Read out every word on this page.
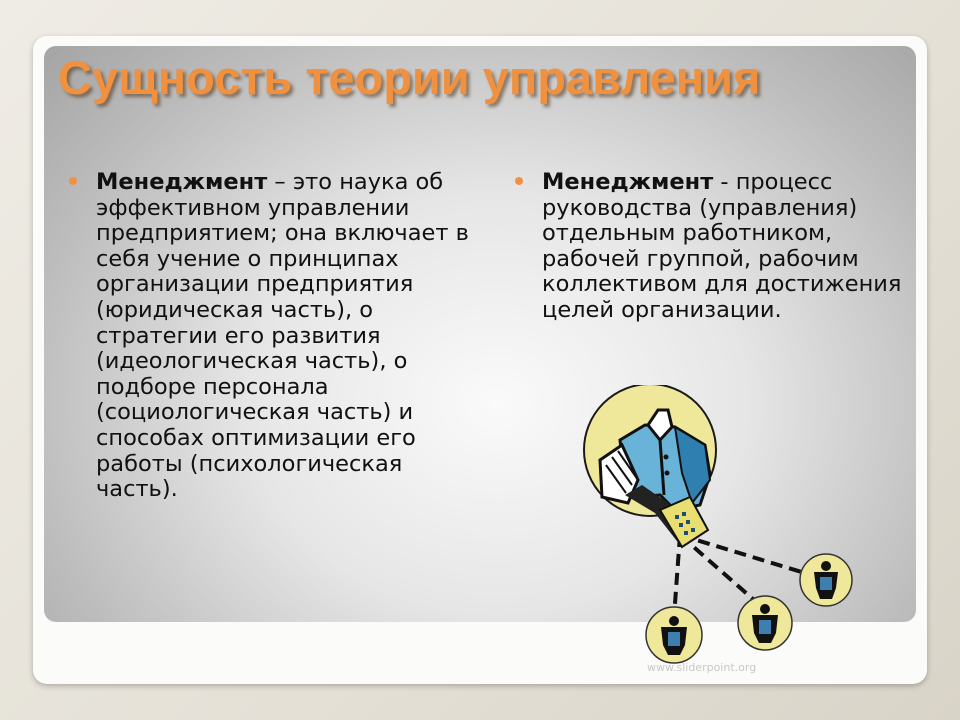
Сущность теории управления
Менеджмент – это наука об эффективном управлении предприятием; она включает в себя учение о принципах организации предприятия (юридическая часть), о стратегии его развития (идеологическая часть), о подборе персонала (социологическая часть) и способах оптимизации его работы (психологическая часть).
Менеджмент - процесс руководства (управления) отдельным работником, рабочей группой, рабочим коллективом для достижения целей организации.
www.sliderpoint.org
